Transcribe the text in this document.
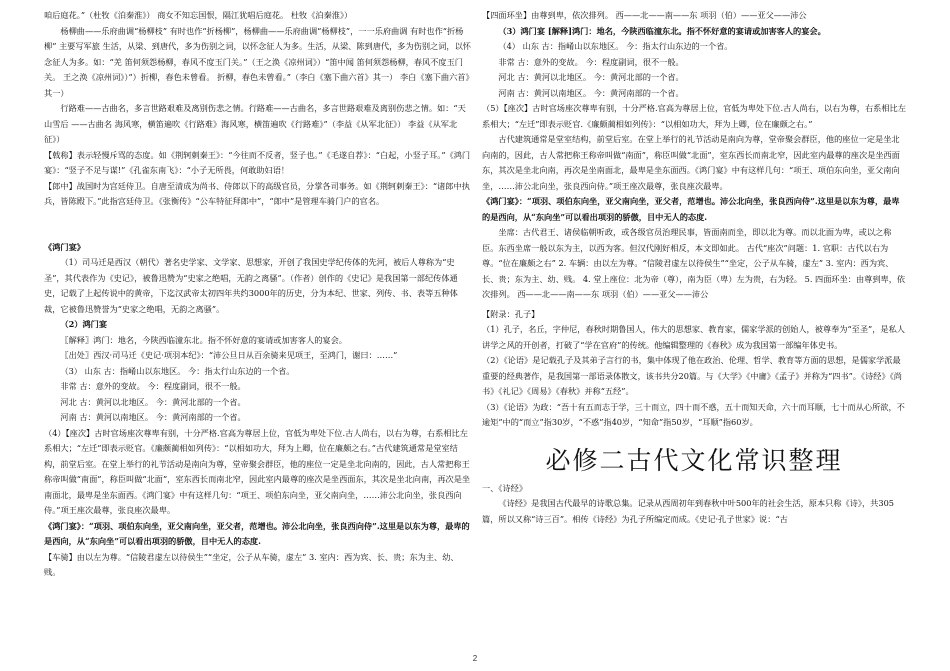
咱后庭花。”（杜牧《泊秦淮》） 商女不知忘国恨，隔江犹唱后庭花。 杜牧《泊秦淮》）

杨柳曲——乐府曲调“杨柳枝” 有时也作“折杨柳”，杨柳曲——乐府曲调“杨柳枝”，一一乐府曲调 有时也作“折杨柳” 主要写军旅 生活，从梁、到唐代，多为伤别之词，以怀念征人为多。生活，从梁、陈到唐代，多为伤别之词，以怀念征人为多。如：“羌 笛何须怨杨柳，春风不度玉门关。”（王之涣《凉州词》）“笛中闻 笛何须怨杨柳，春风不度玉门关。 王之涣《凉州词》）”）折柳，春色未曾看。 折柳，春色未曾看。”（李白《塞下曲六首》其一） 李白《塞下曲六首》其一）

行路难——古曲名，多言世路艰难及离别伤悲之情。行路难——古曲名，多言世路艰难及离别伤悲之情。如：“天山雪后 ——古曲名 海风寒，横笛遍吹《行路难》海风寒，横笛遍吹《行路难》”（李益《从军北征》） 李益《从军北征》）

【戟称】表示轻慢斥骂的态度。如《荆轲刺秦王》：“今往而不反者，竖子也。”《毛遂自荐》：“白起，小竖子耳。”《鸿门宴》：“竖子不足与谋!”《孔雀东南飞》：“小子无所畏，何敢助妇语！

【郎中】战国时为宫廷侍卫。自唐至清成为尚书、侍郎以下的高级官员，分掌各司事务。如《荆轲刺秦王》：“诸郎中执兵，皆陈殿下。”此指宫廷侍卫。《张衡传》“公车特征拜郎中”，“郎中”是管理车骑门户的官名。

《鸿门宴》

（1）司马迁是西汉（朝代）著名史学家、文学家、思想家，开创了我国史学纪传体的先河，被后人尊称为“史圣”，其代表作为《史记》，被鲁迅赞为“史家之绝唱，无韵之离骚”。（作者）创作的《史记》是我国第一部纪传体通史，记载了上起传说中的黄帝，下迄汉武帝太初四年共约3000年的历史，分为本纪、世家、列传、书、表等五种体裁，它被鲁迅赞誉为“史家之绝唱，无韵之离骚”。

（2）鸿门宴

〖解释〗鸿门：地名，今陕西临潼东北。指不怀好意的宴请或加害客人的宴会。

〖出处〗西汉·司马迁《史记·项羽本纪》：“沛公旦日从百余骑来见项王，至鸿门，谢曰：……”

（3） 山东 古：指崤山以东地区。 今：指太行山东边的一个省。

非常 古：意外的变故。 今：程度副词，很不一般。

河北 古：黄河以北地区。 今：黄河北部的一个省。

河南 古：黄河以南地区。 今：黄河南部的一个省。

（4）【座次】古时官场座次尊卑有别，十分严格.官高为尊居上位，官低为卑处下位.古人尚右，以右为尊，右系相比左系相大；“左迁”即表示贬官。《廉颇蔺相如列传》：“以相如功大，拜为上卿，位在廉颇之右。”古代建筑通常是堂室结构，前堂后室。在堂上举行的礼节活动是南向为尊，堂帝聚会群臣，他的座位一定是坐北向南的，因此，古人常把称王称帝叫做“南面”，称臣叫做“北面”，室东西长而南北窄，因此室内最尊的座次是坐西面东，其次是坐北向南，再次是坐南面北，最卑是坐东面西。《鸿门宴》中有这样几句：“项王、项伯东向坐，亚父南向坐，……沛公北向坐，张良西向侍。”项王座次最尊，张良座次最卑。

《鸿门宴》：“项羽、项伯东向坐，亚父南向坐，亚父者，范增也。沛公北向坐，张良西向侍”.这里是以东为尊，最卑的是西向，从“东向坐”可以看出项羽的骄傲，目中无人的态度.

【车骑】由以左为尊。“信陵君虚左以待侯生”“坐定，公子从车骑，虚左” 3. 室内：西为宾、长、贵；东为主、幼、贱。

【四面环坐】由尊到卑，依次排列。 西——北——南——东 项羽（伯）——亚父——沛公

（3）鸿门宴 [解释]鸿门：地名，今陕西临潼东北。指不怀好意的宴请或加害客人的宴会。

（4） 山东 古：指崤山以东地区。 今：指太行山东边的一个省。

非常 古：意外的变故。 今：程度副词，很不一般。

河北 古：黄河以北地区。 今：黄河北部的一个省。

河南 古：黄河以南地区。 今：黄河南部的一个省。

（5）【座次】古时官场座次尊卑有别，十分严格.官高为尊居上位，官低为卑处下位.古人尚右，以右为尊，右系相比左系相大；“左迁”即表示贬官.《廉颇蔺相如列传》：“以相如功大，拜为上卿，位在廉颇之右。”

古代建筑通常是堂室结构，前堂后室。在堂上举行的礼节活动是南向为尊，堂帝聚会群臣，他的座位一定是坐北向南的，因此，古人常把称王称帝叫做“南面”，称臣叫做“北面”，室东西长而南北窄，因此室内最尊的座次是坐西面东，其次是坐北向南，再次是坐南面北，最卑是坐东面西。《鸿门宴》中有这样几句：“项王、项伯东向坐，亚父南向坐，……沛公北向坐，张良西向侍。”项王座次最尊，张良座次最卑。

《鸿门宴》：“项羽、项伯东向坐，亚父南向坐，亚父者，范增也。沛公北向坐，张良西向侍”.这里是以东为尊，最卑的是西向，从“东向坐”可以看出项羽的骄傲，目中无人的态度.

坐席：古代君王、诸侯临朝听政，或各级官员治理民事，皆面南而坐，即以北为尊。而以北面为卑，或以之称臣。东西坐席一般以东为主，以西为客。但汉代刚好相反，本文即如此。 古代“座次”问题：1. 官职：古代以右为尊。“位在廉颇之右” 2. 车辆：由以左为尊。“信陵君虚左以待侯生”“坐定，公子从车骑，虚左” 3. 室内：西为宾、长、贵；东为主、幼、贱。 4. 堂上座位：北为帝（尊），南为臣（卑）左为贵，右为轻。 5. 四面环坐：由尊到卑，依次排列。 西——北——南——东 项羽（伯）——亚父——沛公

【附录：孔子】

（1）孔子，名丘，字仲尼，春秋时期鲁国人，伟大的思想家、教育家，儒家学派的创始人，被尊奉为“至圣”，是私人讲学之风的开创者，打破了“学在官府”的传统。他编辑整理的《春秋》成为我国第一部编年体史书。

（2）《论语》是记载孔子及其弟子言行的书，集中体现了他在政治、伦理、哲学、教育等方面的思想，是儒家学派最重要的经典著作，是我国第一部语录体散文，该书共分20篇。与《大学》《中庸》《孟子》并称为“四书”。《诗经》《尚书》《礼记》《周易》《春秋》并称“五经”。

（3）《论语》为政：“吾十有五而志于学，三十而立，四十而不惑，五十而知天命，六十而耳顺，七十而从心所欲，不逾矩”中的“而立”指30岁，“不惑”指40岁，“知命”指50岁，“耳顺”指60岁。

必修二古代文化常识整理

一、《诗经》

《诗经》是我国古代最早的诗歌总集。记录从西周初年到春秋中叶500年的社会生活，原本只称《诗》，共305篇，所以又称“诗三百”。相传《诗经》为孔子所编定而成。《史记·孔子世家》说：“古

2
